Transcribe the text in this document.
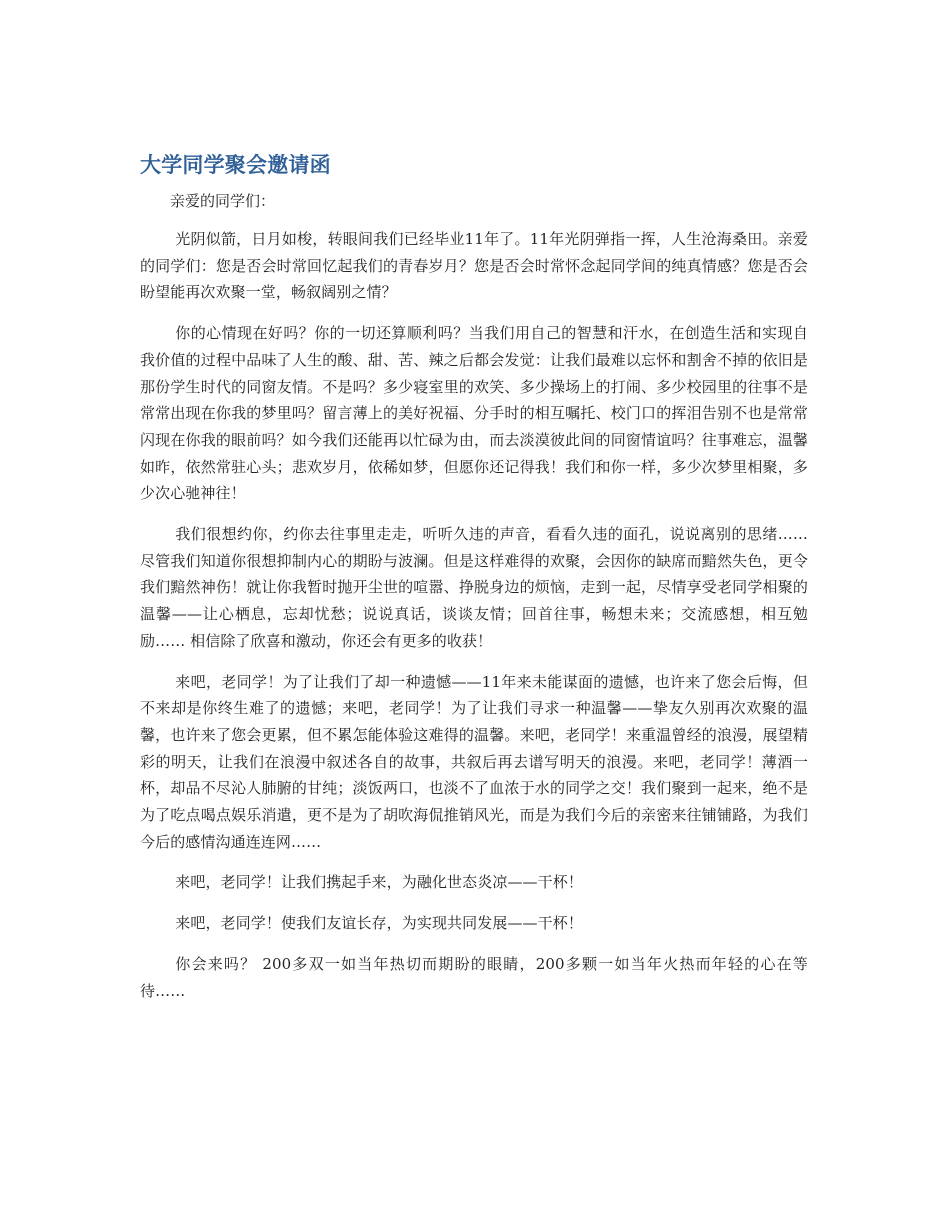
大学同学聚会邀请函

亲爱的同学们：

光阴似箭，日月如梭，转眼间我们已经毕业11年了。11年光阴弹指一挥，人生沧海桑田。亲爱的同学们：您是否会时常回忆起我们的青春岁月？您是否会时常怀念起同学间的纯真情感？您是否会盼望能再次欢聚一堂，畅叙阔别之情？

你的心情现在好吗？你的一切还算顺利吗？当我们用自己的智慧和汗水，在创造生活和实现自我价值的过程中品味了人生的酸、甜、苦、辣之后都会发觉：让我们最难以忘怀和割舍不掉的依旧是那份学生时代的同窗友情。不是吗？多少寝室里的欢笑、多少操场上的打闹、多少校园里的往事不是常常出现在你我的梦里吗？留言薄上的美好祝福、分手时的相互嘱托、校门口的挥泪告别不也是常常闪现在你我的眼前吗？如今我们还能再以忙碌为由，而去淡漠彼此间的同窗情谊吗？往事难忘，温馨如昨，依然常驻心头；悲欢岁月，依稀如梦，但愿你还记得我！我们和你一样，多少次梦里相聚，多少次心驰神往！

我们很想约你，约你去往事里走走，听听久违的声音，看看久违的面孔，说说离别的思绪…… 尽管我们知道你很想抑制内心的期盼与波澜。但是这样难得的欢聚，会因你的缺席而黯然失色，更令我们黯然神伤！就让你我暂时抛开尘世的喧嚣、挣脱身边的烦恼，走到一起，尽情享受老同学相聚的温馨——让心栖息，忘却忧愁；说说真话，谈谈友情；回首往事，畅想未来；交流感想，相互勉励…… 相信除了欣喜和激动，你还会有更多的收获！

来吧，老同学！为了让我们了却一种遗憾——11年来未能谋面的遗憾，也许来了您会后悔，但不来却是你终生难了的遗憾；来吧，老同学！为了让我们寻求一种温馨——挚友久别再次欢聚的温馨，也许来了您会更累，但不累怎能体验这难得的温馨。来吧，老同学！来重温曾经的浪漫，展望精彩的明天，让我们在浪漫中叙述各自的故事，共叙后再去谱写明天的浪漫。来吧，老同学！薄酒一杯，却品不尽沁人肺腑的甘纯；淡饭两口，也淡不了血浓于水的同学之交！我们聚到一起来，绝不是为了吃点喝点娱乐消遣，更不是为了胡吹海侃推销风光，而是为我们今后的亲密来往铺铺路，为我们今后的感情沟通连连网……

来吧，老同学！让我们携起手来，为融化世态炎凉——干杯！

来吧，老同学！使我们友谊长存，为实现共同发展——干杯！

你会来吗？ 200多双一如当年热切而期盼的眼睛，200多颗一如当年火热而年轻的心在等待……
